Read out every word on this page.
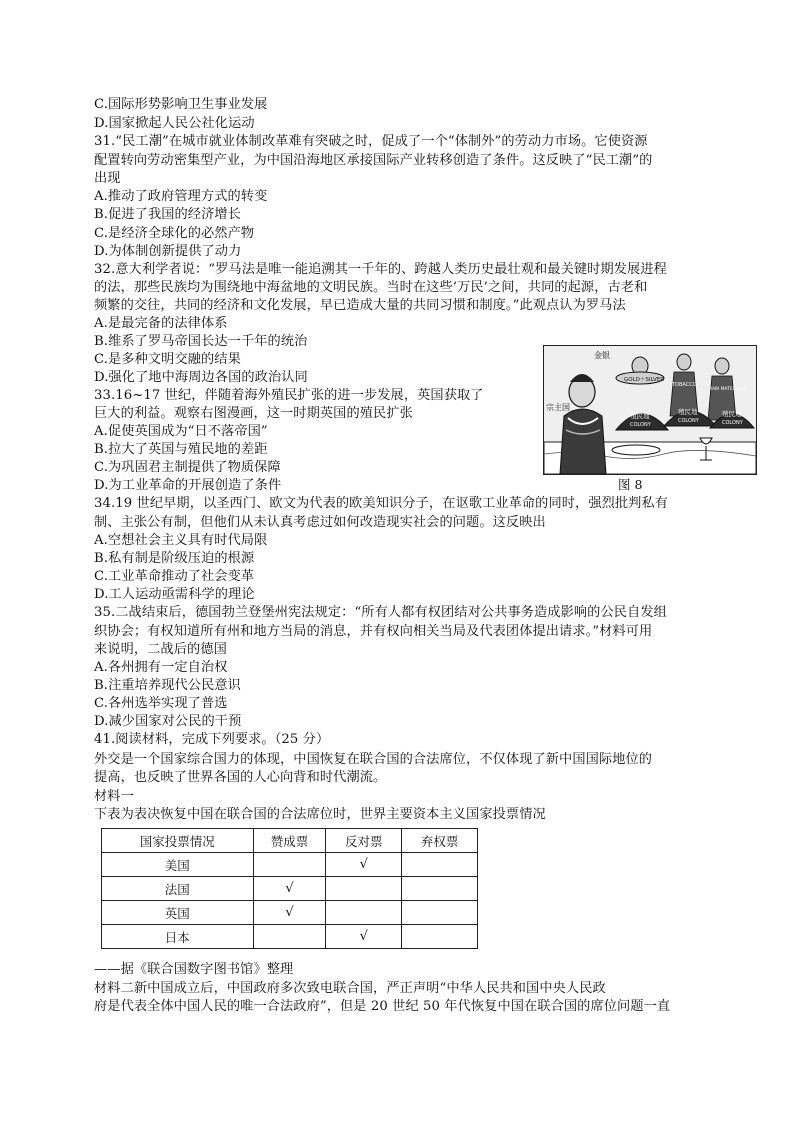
C.国际形势影响卫生事业发展
D.国家掀起人民公社化运动
31.“民工潮”在城市就业体制改革难有突破之时，促成了一个“体制外”的劳动力市场。它使资源
配置转向劳动密集型产业，为中国沿海地区承接国际产业转移创造了条件。这反映了“民工潮”的
出现
A.推动了政府管理方式的转变
B.促进了我国的经济增长
C.是经济全球化的必然产物
D.为体制创新提供了动力
32.意大利学者说：“罗马法是唯一能追溯其一千年的、跨越人类历史最壮观和最关键时期发展进程
的法，那些民族均为围绕地中海盆地的文明民族。当时在这些‘万民’之间，共同的起源，古老和
频繁的交往，共同的经济和文化发展，早已造成大量的共同习惯和制度。”此观点认为罗马法
A.是最完备的法律体系
B.维系了罗马帝国长达一千年的统治
C.是多种文明交融的结果
D.强化了地中海周边各国的政治认同
33.16~17 世纪，伴随着海外殖民扩张的进一步发展，英国获取了
巨大的利益。观察右图漫画，这一时期英国的殖民扩张
A.促使英国成为“日不落帝国”
B.拉大了英国与殖民地的差距
C.为巩固君主制提供了物质保障
D.为工业革命的开展创造了条件
34.19 世纪早期，以圣西门、欧文为代表的欧美知识分子，在讴歌工业革命的同时，强烈批判私有
制、主张公有制，但他们从未认真考虑过如何改造现实社会的问题。这反映出
A.空想社会主义具有时代局限
B.私有制是阶级压迫的根源
C.工业革命推动了社会变革
D.工人运动亟需科学的理论
35.二战结束后，德国勃兰登堡州宪法规定：“所有人都有权团结对公共事务造成影响的公民自发组
织协会；有权知道所有州和地方当局的消息，并有权向相关当局及代表团体提出请求。”材料可用
来说明，二战后的德国
A.各州拥有一定自治权
B.注重培养现代公民意识
C.各州选举实现了普选
D.减少国家对公民的干预
41.阅读材料，完成下列要求。（25 分）
外交是一个国家综合国力的体现，中国恢复在联合国的合法席位，不仅体现了新中国国际地位的
提高，也反映了世界各国的人心向背和时代潮流。
材料一
下表为表决恢复中国在联合国的合法席位时，世界主要资本主义国家投票情况
金银
宗主国
GOLD＋SILVER
TOBACCO
RAW MATERIALS
殖民地
COLONY
殖民地
COLONY
殖民地
COLONY
图 8
国家投票情况	赞成票	反对票	弃权票
美国		√	
法国	√		
英国	√		
日本		√	
——据《联合国数字图书馆》整理
材料二新中国成立后，中国政府多次致电联合国，严正声明“中华人民共和国中央人民政
府是代表全体中国人民的唯一合法政府”，但是 20 世纪 50 年代恢复中国在联合国的席位问题一直
